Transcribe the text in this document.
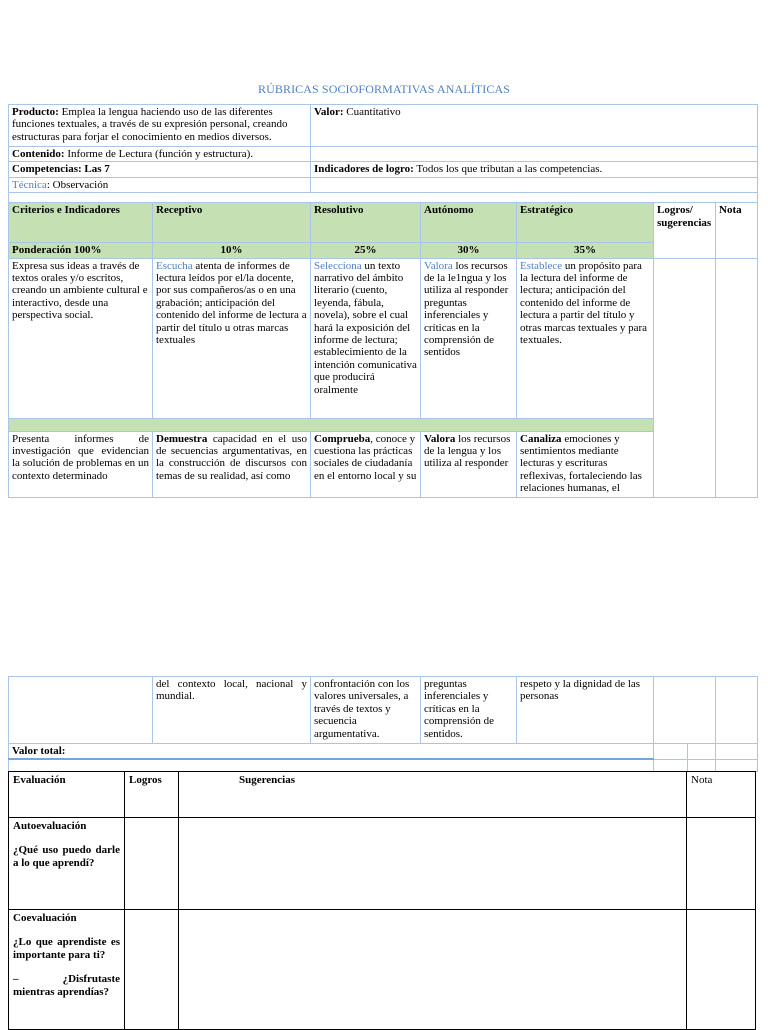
RÚBRICAS SOCIOFORMATIVAS ANALÍTICAS
Producto: Emplea la lengua haciendo uso de las diferentes funciones textuales, a través de su expresión personal, creando estructuras para forjar el conocimiento en medios diversos.		Valor: Cuantitativo				
Contenido: Informe de Lectura (función y estructura).						
Competencias: Las 7		Indicadores de logro: Todos los que tributan a las competencias.				
Técnica: Observación						

Criterios e Indicadores	Receptivo	Resolutivo	Autónomo	Estratégico	Logros/ sugerencias	Nota
Ponderación 100%	10%	25%	30%	35%		
Expresa sus ideas a través de textos orales y/o escritos, creando un ambiente cultural e interactivo, desde una perspectiva social.	Escucha atenta de informes de lectura leídos por el/la docente, por sus compañeros/as o en una grabación; anticipación del contenido del informe de lectura a partir del título u otras marcas textuales	Selecciona un texto narrativo del ámbito literario (cuento, leyenda, fábula, novela), sobre el cual hará la exposición del informe de lectura; establecimiento de la intención comunicativa que producirá oralmente	Valora los recursos de la le1ngua y los utiliza al responder preguntas inferenciales y críticas en la comprensión de sentidos	Establece un propósito para la lectura del informe de lectura; anticipación del contenido del informe de lectura a partir del título y otras marcas textuales y para textuales.		

Presenta informes de investigación que evidencian la solución de problemas en un contexto determinado	Demuestra capacidad en el uso de secuencias argumentativas, en la construcción de discursos con temas de su realidad, así como	Comprueba, conoce y cuestiona las prácticas sociales de ciudadanía en el entorno local y su	Valora los recursos de la lengua y los utiliza al responder	Canaliza emociones y sentimientos mediante lecturas y escrituras reflexivas, fortaleciendo las relaciones humanas, el		
	del contexto local, nacional y mundial.	confrontación con los valores universales, a través de textos y secuencia argumentativa.	preguntas inferenciales y críticas en la comprensión de sentidos.	respeto y la dignidad de las personas			
Valor total:							

Evaluación	Logros	Sugerencias	Nota

Autoevaluación
¿Qué uso puedo darle a lo que aprendí?			

Coevaluación
¿Lo que aprendiste es importante para ti?
– ¿Disfrutaste mientras aprendías?			
